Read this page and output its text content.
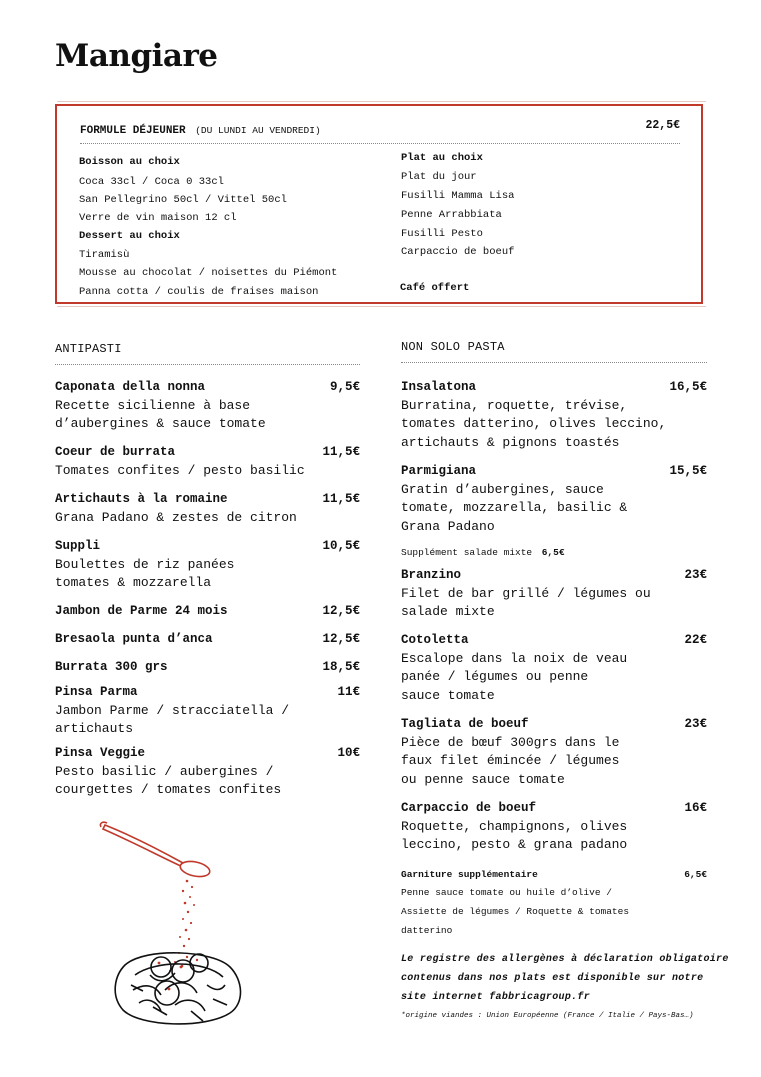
Mangiare
FORMULE DÉJEUNER (DU LUNDI AU VENDREDI)	22,5€
Boisson au choix
Coca 33cl / Coca 0 33cl
San Pellegrino 50cl / Vittel 50cl
Verre de vin maison 12 cl
Dessert au choix
Tiramisù
Mousse au chocolat / noisettes du Piémont
Panna cotta / coulis de fraises maison
Plat au choix
Plat du jour
Fusilli Mamma Lisa
Penne Arrabbiata
Fusilli Pesto
Carpaccio de boeuf
Café offert
ANTIPASTI
Caponata della nonna	9,5€
Recette sicilienne à base
d’aubergines & sauce tomate
Coeur de burrata	11,5€
Tomates confites / pesto basilic
Artichauts à la romaine	11,5€
Grana Padano & zestes de citron
Suppli	10,5€
Boulettes de riz panées
tomates & mozzarella
Jambon de Parme 24 mois	12,5€
Bresaola punta d’anca	12,5€
Burrata 300 grs	18,5€
Pinsa Parma	11€
Jambon Parme / stracciatella /
artichauts
Pinsa Veggie	10€
Pesto basilic / aubergines /
courgettes / tomates confites
NON SOLO PASTA
Insalatona	16,5€
Burratina, roquette, trévise,
tomates datterino, olives leccino,
artichauts & pignons toastés
Parmigiana	15,5€
Gratin d’aubergines, sauce
tomate, mozzarella, basilic &
Grana Padano
Supplément salade mixte 6,5€
Branzino	23€
Filet de bar grillé / légumes ou
salade mixte
Cotoletta	22€
Escalope dans la noix de veau
panée / légumes ou penne
sauce tomate
Tagliata de boeuf	23€
Pièce de bœuf 300grs dans le
faux filet émincée / légumes
ou penne sauce tomate
Carpaccio de boeuf	16€
Roquette, champignons, olives
leccino, pesto & grana padano
Garniture supplémentaire	6,5€
Penne sauce tomate ou huile d’olive /
Assiette de légumes / Roquette & tomates
datterino
Le registre des allergènes à déclaration obligatoire
contenus dans nos plats est disponible sur notre
site internet fabbricagroup.fr
*origine viandes : Union Européenne (France / Italie / Pays-Bas…)
